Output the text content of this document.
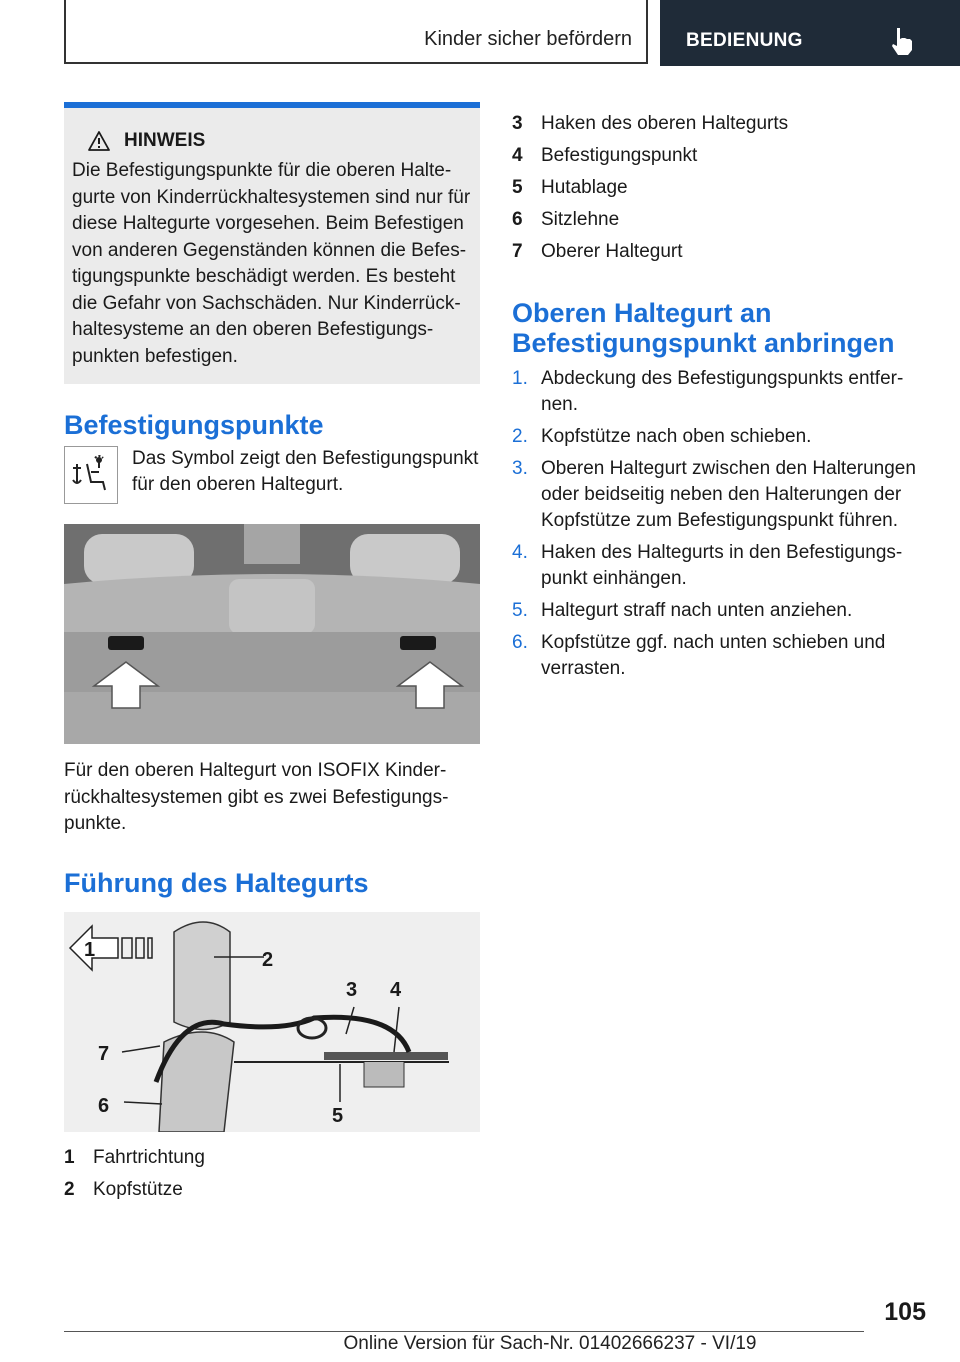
Kinder sicher befördern	BEDIENUNG
HINWEIS
Die Befestigungspunkte für die oberen Haltegurte von Kinderrückhaltesystemen sind nur für diese Haltegurte vorgesehen. Beim Befestigen von anderen Gegenständen können die Befestigungspunkte beschädigt werden. Es besteht die Gefahr von Sachschäden. Nur Kinderrückhaltesysteme an den oberen Befestigungspunkten befestigen.
Befestigungspunkte
Das Symbol zeigt den Befestigungspunkt für den oberen Haltegurt.
Für den oberen Haltegurt von ISOFIX Kinderrückhaltesystemen gibt es zwei Befestigungspunkte.
Führung des Haltegurts
1	2
3 4
5
6
7
1 Fahrtrichtung
2 Kopfstütze
3 Haken des oberen Haltegurts
4 Befestigungspunkt
5 Hutablage
6 Sitzlehne
7 Oberer Haltegurt
Oberen Haltegurt an Befestigungspunkt anbringen
1. Abdeckung des Befestigungspunkts entfernen.
2. Kopfstütze nach oben schieben.
3. Oberen Haltegurt zwischen den Halterungen oder beidseitig neben den Halterungen der Kopfstütze zum Befestigungspunkt führen.
4. Haken des Haltegurts in den Befestigungspunkt einhängen.
5. Haltegurt straff nach unten anziehen.
6. Kopfstütze ggf. nach unten schieben und verrasten.
105
Online Version für Sach-Nr. 01402666237 - VI/19
